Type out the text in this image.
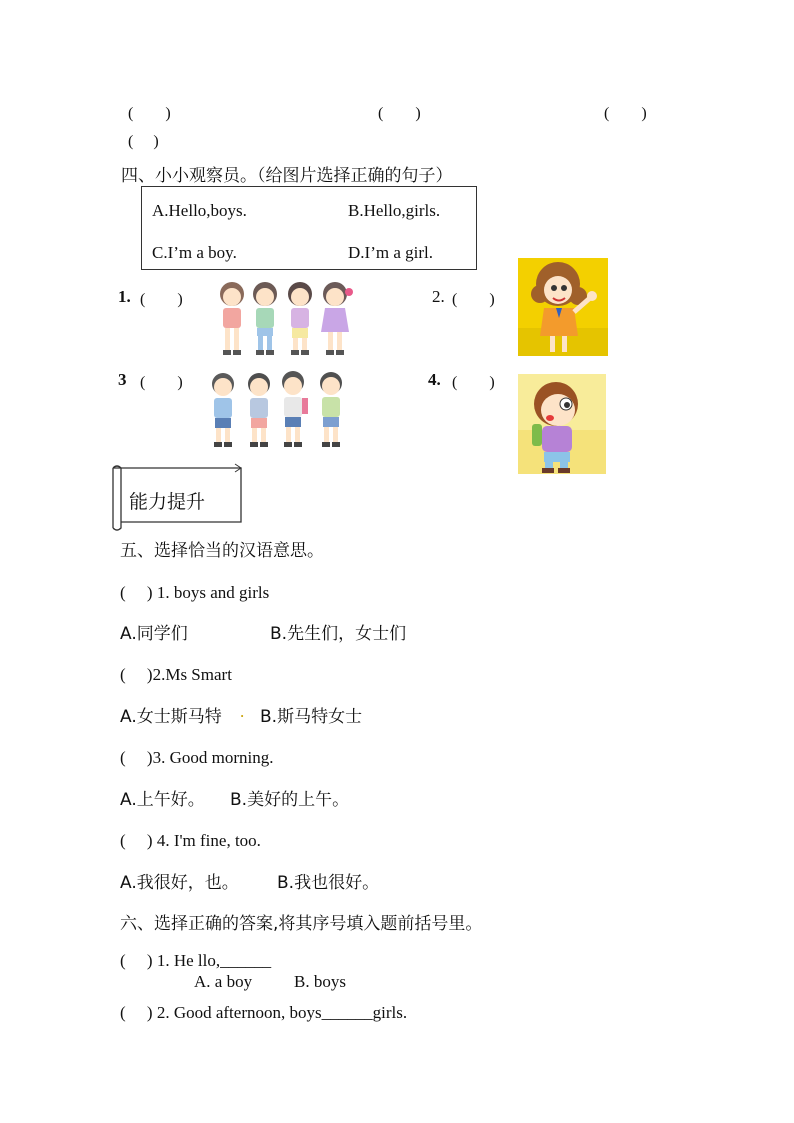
(　　)	(　　)	(　　)
(　 )
四、小小观察员。（给图片选择正确的句子）
A.Hello,boys.	B.Hello,girls.
C.I’m a boy.	D.I’m a girl.
1. (　　)	2. (　　)
3 (　　)	4. (　　)
能力提升
五、选择恰当的汉语意思。
(　 ) 1. boys and girls
A.同学们	B.先生们，女士们
(　 )2.Ms Smart
A.女士斯马特 . B.斯马特女士
(　 )3. Good morning.
A.上午好。 B.美好的上午。
(　 ) 4. I'm fine, too.
A.我很好，也。 B.我也很好。
六、选择正确的答案,将其序号填入题前括号里。
(　 ) 1. He llo,______
A. a boy B. boys
(　 ) 2. Good afternoon, boys______girls.
